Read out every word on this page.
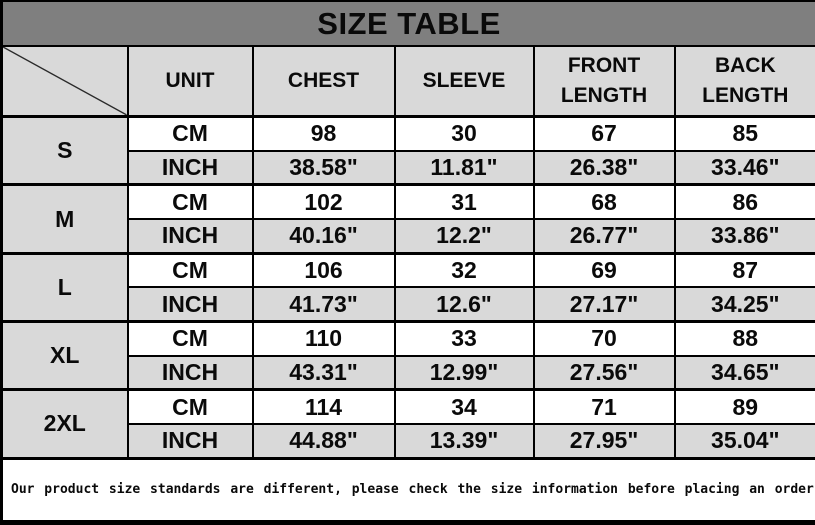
SIZE TABLE					

	UNIT	CHEST	SLEEVE	FRONT LENGTH	BACK LENGTH
S	CM	98	30	67	85
	INCH	38.58"	11.81"	26.38"	33.46"
M	CM	102	31	68	86
	INCH	40.16"	12.2"	26.77"	33.86"
L	CM	106	32	69	87
	INCH	41.73"	12.6"	27.17"	34.25"
XL	CM	110	33	70	88
	INCH	43.31"	12.99"	27.56"	34.65"
2XL	CM	114	34	71	89
	INCH	44.88"	13.39"	27.95"	35.04"
Our product size standards are different, please check the size information before placing an order					
